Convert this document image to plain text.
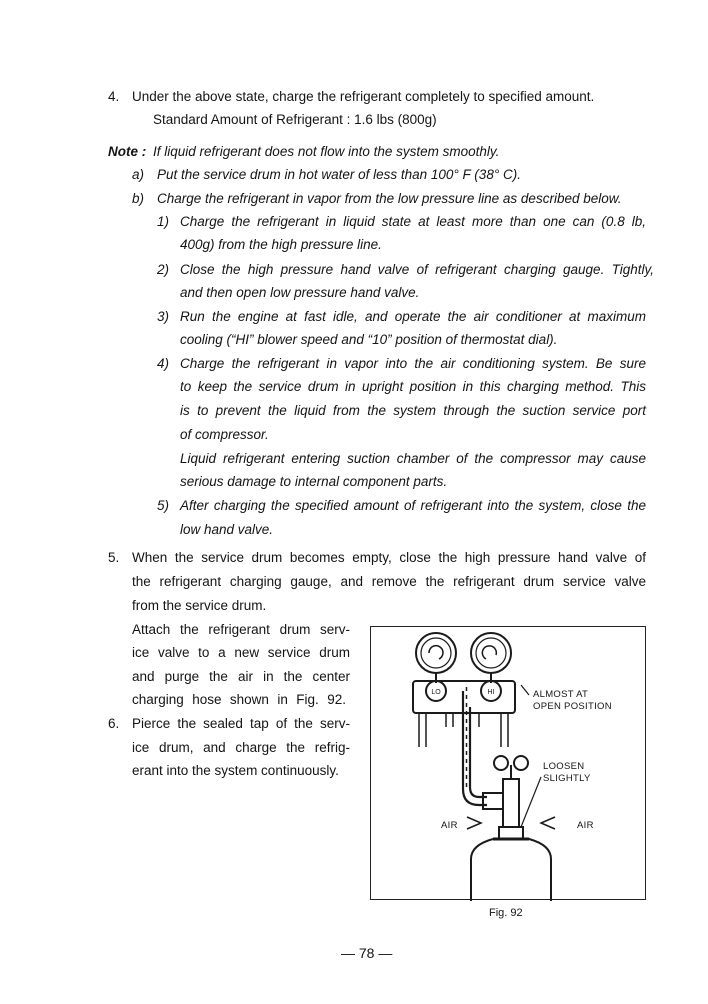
4. Under the above state, charge the refrigerant completely to specified amount.
Standard Amount of Refrigerant : 1.6 lbs (800g)
Note : If liquid refrigerant does not flow into the system smoothly.
a) Put the service drum in hot water of less than 100° F (38° C).
b) Charge the refrigerant in vapor from the low pressure line as described below.
1) Charge the refrigerant in liquid state at least more than one can (0.8 lb,
400g) from the high pressure line.
2) Close the high pressure hand valve of refrigerant charging gauge. Tightly,
and then open low pressure hand valve.
3) Run the engine at fast idle, and operate the air conditioner at maximum
cooling (“HI” blower speed and “10” position of thermostat dial).
4) Charge the refrigerant in vapor into the air conditioning system. Be sure
to keep the service drum in upright position in this charging method. This
is to prevent the liquid from the system through the suction service port
of compressor.
Liquid refrigerant entering suction chamber of the compressor may cause
serious damage to internal component parts.
5) After charging the specified amount of refrigerant into the system, close the
low hand valve.
5. When the service drum becomes empty, close the high pressure hand valve of
the refrigerant charging gauge, and remove the refrigerant drum service valve
from the service drum.
Attach the refrigerant drum serv-
ice valve to a new service drum
and purge the air in the center
charging hose shown in Fig. 92.
6. Pierce the sealed tap of the serv-
ice drum, and charge the refrig-
erant into the system continuously.
LO	HI	ALMOST AT
OPEN POSITION
LOOSEN
SLIGHTLY
AIR	AIR
Fig. 92
— 78 —
